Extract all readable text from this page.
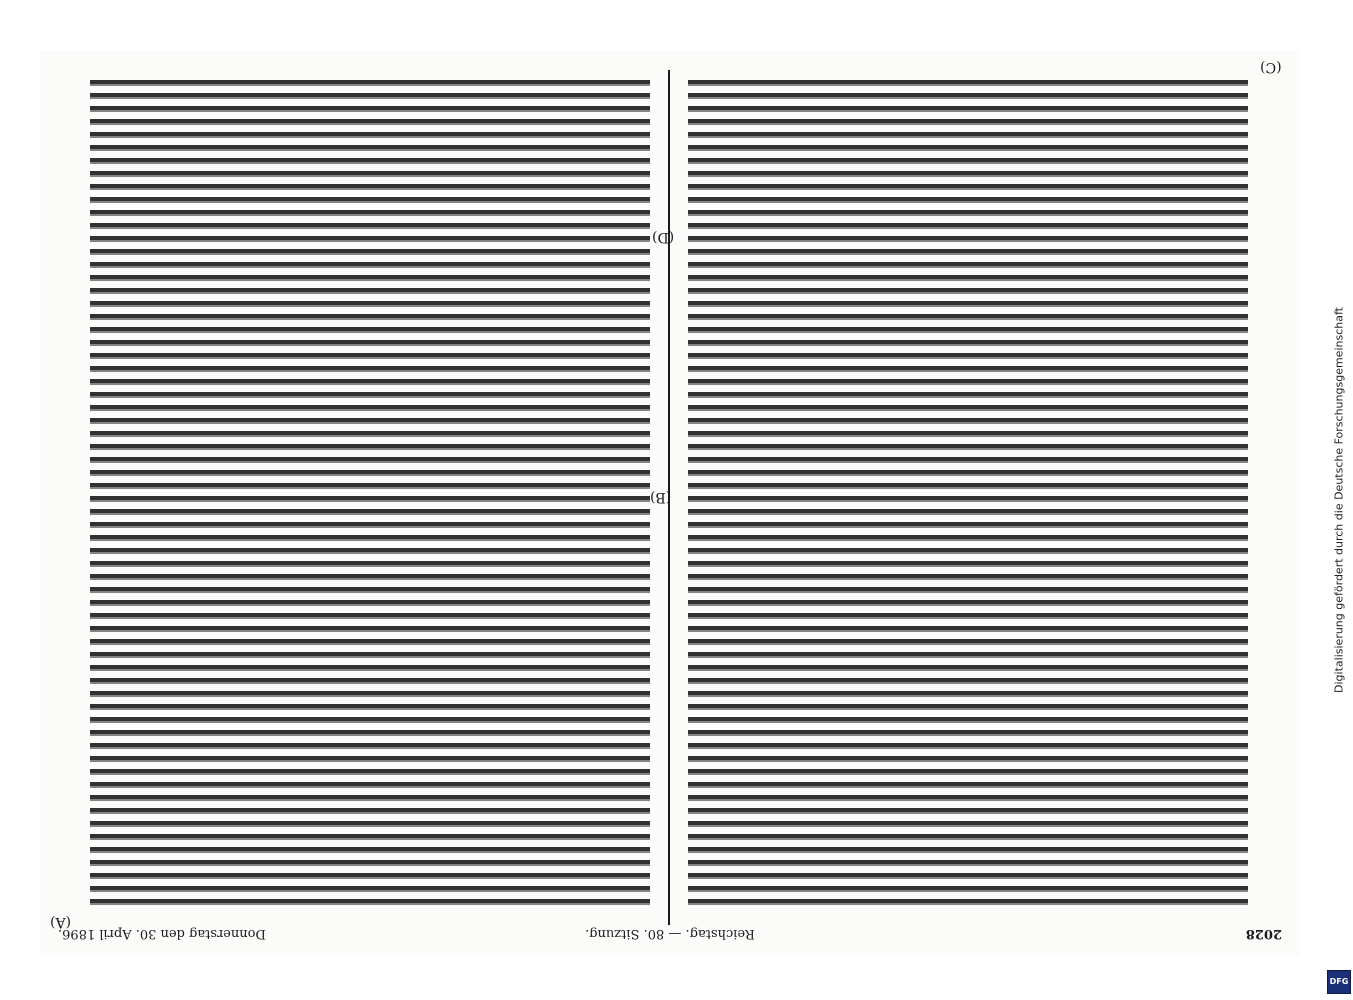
(A)
(B)
(C)
(D)
2028
Reichstag. — 80. Sitzung.
Donnerstag den 30. April 1896.
Digitalisierung gefördert durch die Deutsche Forschungsgemeinschaft
DFG
